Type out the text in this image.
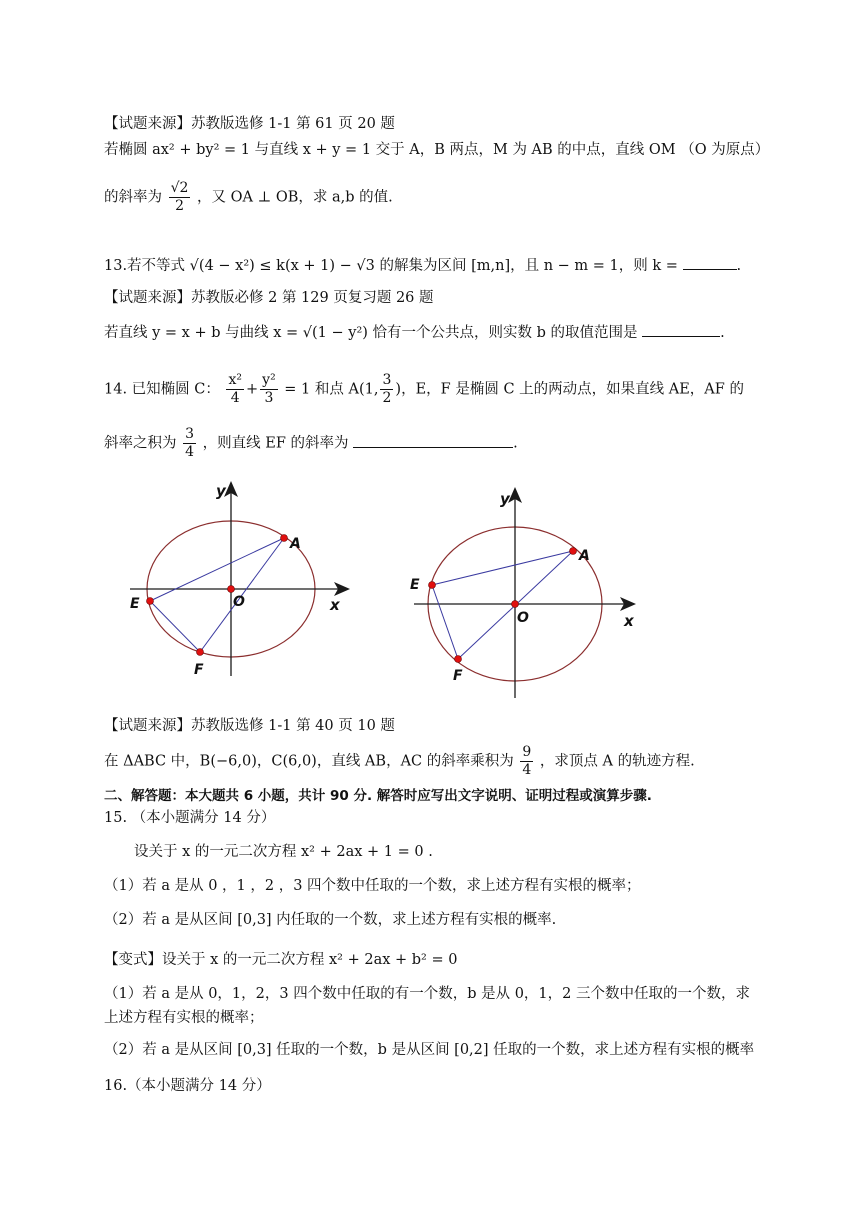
【试题来源】苏教版选修 1-1 第 61 页 20 题
若椭圆 ax² + by² = 1 与直线 x + y = 1 交于 A，B 两点，M 为 AB 的中点，直线 OM （O 为原点）
的斜率为 $\frac{√2}{2}$ ，又 OA ⊥ OB，求 a,b 的值.
13.若不等式 √(4 − x²) ≤ k(x + 1) − √3 的解集为区间 [m,n]，且 n − m = 1，则 k =	.
【试题来源】苏教版必修 2 第 129 页复习题 26 题
若直线 y = x + b 与曲线 x = √(1 − y²) 恰有一个公共点，则实数 b 的取值范围是	.
14. 已知椭圆 C： $\frac{\text{x²}}{4} + \frac{\text{y²}}{3} = 1$ 和点 A(1, $\frac{3}{2}$ )，E，F 是椭圆 C 上的两动点，如果直线 AE，AF 的
斜率之积为 $\frac{3}{4}$ ，则直线 EF 的斜率为	.
A
E
F
O	x
y
A
E
F
O	x
y
【试题来源】苏教版选修 1-1 第 40 页 10 题
在 ΔABC 中，B(−6,0)，C(6,0)，直线 AB，AC 的斜率乘积为 $\frac{9}{4}$ ，求顶点 A 的轨迹方程.
二、解答题：本大题共 6 小题，共计 90 分. 解答时应写出文字说明、证明过程或演算步骤.
15. （本小题满分 14 分）
设关于 x 的一元二次方程 x² + 2ax + 1 = 0 .
（1）若 a 是从 0 ，1 ，2 ，3 四个数中任取的一个数，求上述方程有实根的概率；
（2）若 a 是从区间 [0,3] 内任取的一个数，求上述方程有实根的概率.
【变式】设关于 x 的一元二次方程 x² + 2ax + b² = 0
（1）若 a 是从 0，1，2，3 四个数中任取的有一个数，b 是从 0，1，2 三个数中任取的一个数，求上述方程有实根的概率；
（2）若 a 是从区间 [0,3] 任取的一个数，b 是从区间 [0,2] 任取的一个数，求上述方程有实根的概率
16.（本小题满分 14 分）
